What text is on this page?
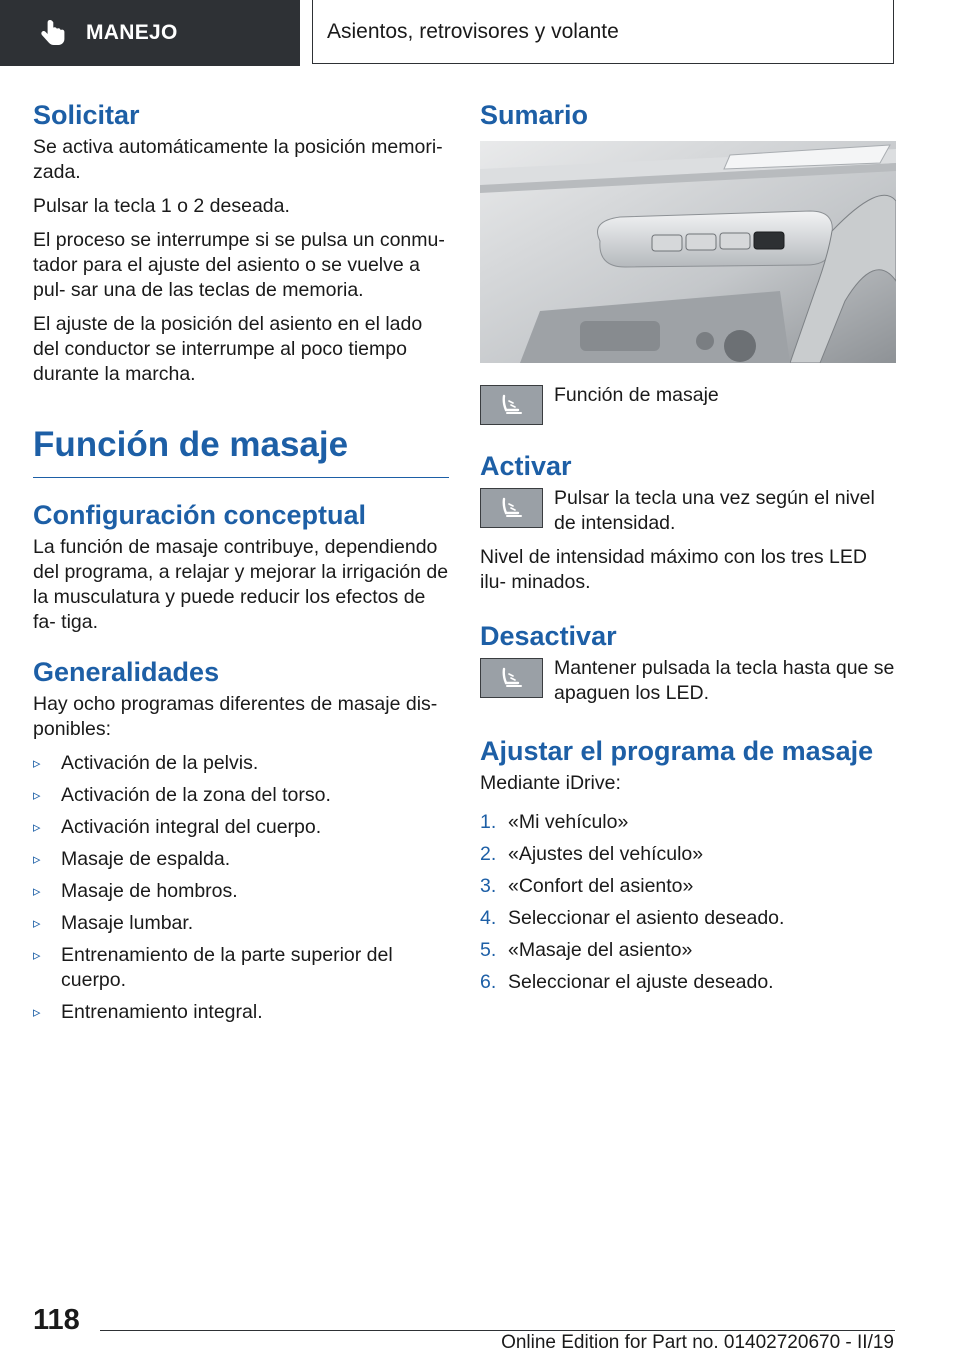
MANEJO	Asientos, retrovisores y volante
Solicitar

Se activa automáticamente la posición memori‐ zada.

Pulsar la tecla 1 o 2 deseada.

El proceso se interrumpe si se pulsa un conmu‐ tador para el ajuste del asiento o se vuelve a pul‐ sar una de las teclas de memoria.

El ajuste de la posición del asiento en el lado del conductor se interrumpe al poco tiempo durante la marcha.

Función de masaje
Configuración conceptual

La función de masaje contribuye, dependiendo del programa, a relajar y mejorar la irrigación de la musculatura y puede reducir los efectos de fa‐ tiga.

Generalidades

Hay ocho programas diferentes de masaje dis‐ ponibles:

▹ Activación de la pelvis.
▹ Activación de la zona del torso.
▹ Activación integral del cuerpo.
▹ Masaje de espalda.
▹ Masaje de hombros.
▹ Masaje lumbar.
▹ Entrenamiento de la parte superior del cuerpo.
▹ Entrenamiento integral.
Sumario
Función de masaje
Activar
Pulsar la tecla una vez según el nivel de intensidad.

Nivel de intensidad máximo con los tres LED ilu‐ minados.

Desactivar
Mantener pulsada la tecla hasta que se apaguen los LED.
Ajustar el programa de masaje

Mediante iDrive:

1. «Mi vehículo»
2. «Ajustes del vehículo»
3. «Confort del asiento»
4. Seleccionar el asiento deseado.
5. «Masaje del asiento»
6. Seleccionar el ajuste deseado.
118
Online Edition for Part no. 01402720670 - II/19
